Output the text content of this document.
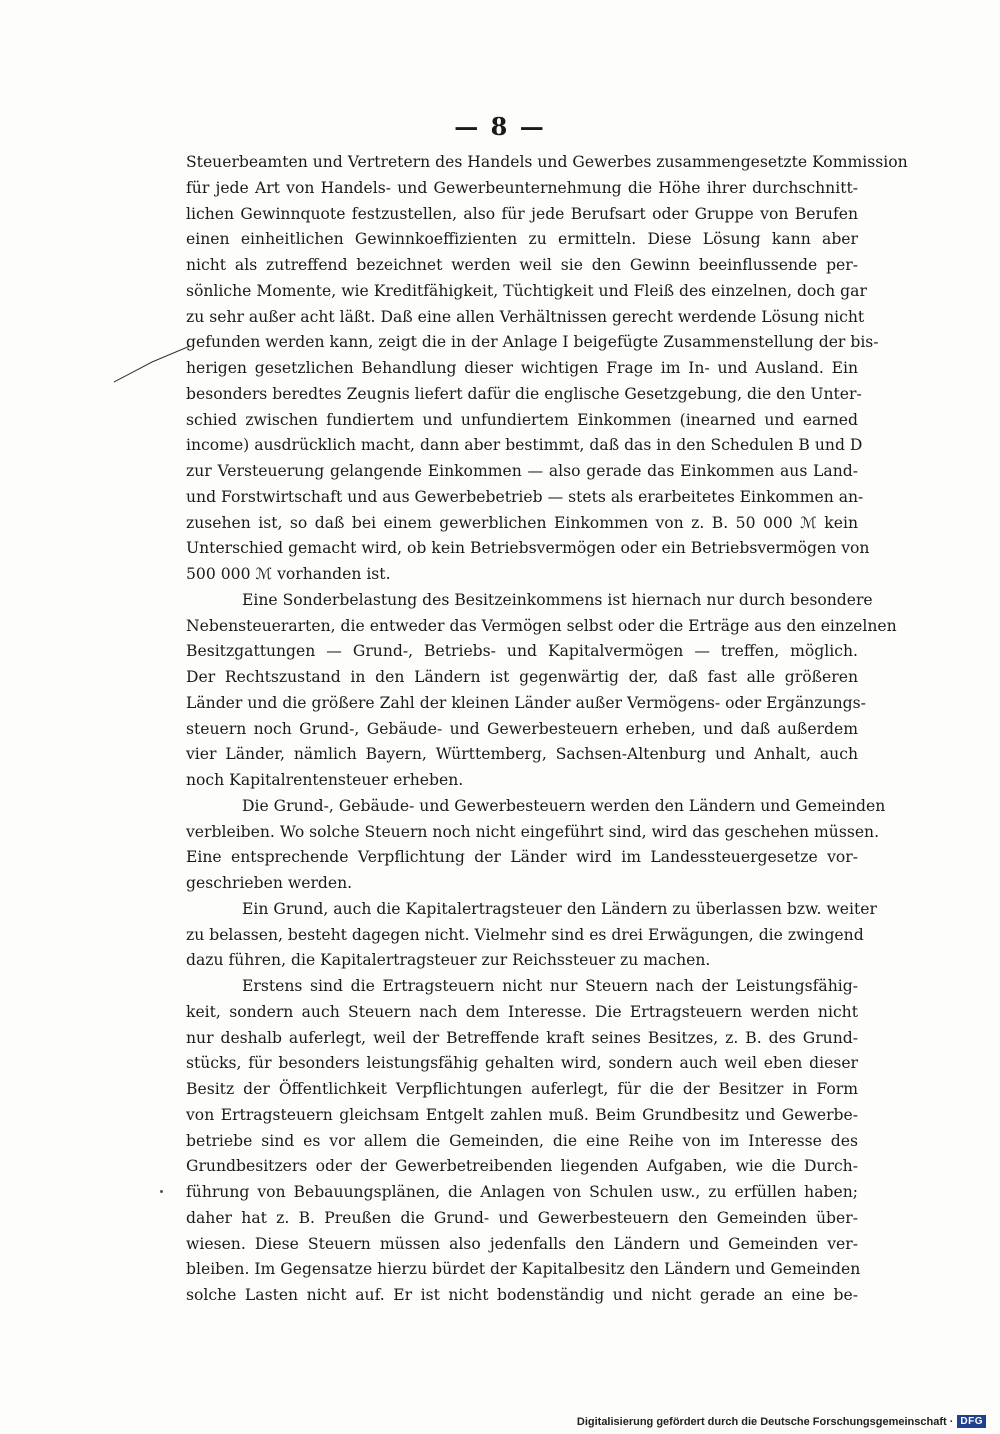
— 8 —

Steuerbeamten und Vertretern des Handels und Gewerbes zusammengesetzte Kommission
für jede Art von Handels- und Gewerbeunternehmung die Höhe ihrer durchschnitt-
lichen Gewinnquote festzustellen, also für jede Berufsart oder Gruppe von Berufen
einen einheitlichen Gewinnkoeffizienten zu ermitteln. Diese Lösung kann aber
nicht als zutreffend bezeichnet werden weil sie den Gewinn beeinflussende per-
sönliche Momente, wie Kreditfähigkeit, Tüchtigkeit und Fleiß des einzelnen, doch gar
zu sehr außer acht läßt. Daß eine allen Verhältnissen gerecht werdende Lösung nicht
gefunden werden kann, zeigt die in der Anlage I beigefügte Zusammenstellung der bis-
herigen gesetzlichen Behandlung dieser wichtigen Frage im In- und Ausland. Ein
besonders beredtes Zeugnis liefert dafür die englische Gesetzgebung, die den Unter-
schied zwischen fundiertem und unfundiertem Einkommen (inearned und earned
income) ausdrücklich macht, dann aber bestimmt, daß das in den Schedulen B und D
zur Versteuerung gelangende Einkommen — also gerade das Einkommen aus Land-
und Forstwirtschaft und aus Gewerbebetrieb — stets als erarbeitetes Einkommen an-
zusehen ist, so daß bei einem gewerblichen Einkommen von z. B. 50 000 ℳ kein
Unterschied gemacht wird, ob kein Betriebsvermögen oder ein Betriebsvermögen von
500 000 ℳ vorhanden ist.

Eine Sonderbelastung des Besitzeinkommens ist hiernach nur durch besondere
Nebensteuerarten, die entweder das Vermögen selbst oder die Erträge aus den einzelnen
Besitzgattungen — Grund-, Betriebs- und Kapitalvermögen — treffen, möglich.
Der Rechtszustand in den Ländern ist gegenwärtig der, daß fast alle größeren
Länder und die größere Zahl der kleinen Länder außer Vermögens- oder Ergänzungs-
steuern noch Grund-, Gebäude- und Gewerbesteuern erheben, und daß außerdem
vier Länder, nämlich Bayern, Württemberg, Sachsen-Altenburg und Anhalt, auch
noch Kapitalrentensteuer erheben.

Die Grund-, Gebäude- und Gewerbesteuern werden den Ländern und Gemeinden
verbleiben. Wo solche Steuern noch nicht eingeführt sind, wird das geschehen müssen.
Eine entsprechende Verpflichtung der Länder wird im Landessteuergesetze vor-
geschrieben werden.

Ein Grund, auch die Kapitalertragsteuer den Ländern zu überlassen bzw. weiter
zu belassen, besteht dagegen nicht. Vielmehr sind es drei Erwägungen, die zwingend
dazu führen, die Kapitalertragsteuer zur Reichssteuer zu machen.

Erstens sind die Ertragsteuern nicht nur Steuern nach der Leistungsfähig-
keit, sondern auch Steuern nach dem Interesse. Die Ertragsteuern werden nicht
nur deshalb auferlegt, weil der Betreffende kraft seines Besitzes, z. B. des Grund-
stücks, für besonders leistungsfähig gehalten wird, sondern auch weil eben dieser
Besitz der Öffentlichkeit Verpflichtungen auferlegt, für die der Besitzer in Form
von Ertragsteuern gleichsam Entgelt zahlen muß. Beim Grundbesitz und Gewerbe-
betriebe sind es vor allem die Gemeinden, die eine Reihe von im Interesse des
Grundbesitzers oder der Gewerbetreibenden liegenden Aufgaben, wie die Durch-
führung von Bebauungsplänen, die Anlagen von Schulen usw., zu erfüllen haben;
daher hat z. B. Preußen die Grund- und Gewerbesteuern den Gemeinden über-
wiesen. Diese Steuern müssen also jedenfalls den Ländern und Gemeinden ver-
bleiben. Im Gegensatze hierzu bürdet der Kapitalbesitz den Ländern und Gemeinden
solche Lasten nicht auf. Er ist nicht bodenständig und nicht gerade an eine be-

Digitalisierung gefördert durch die Deutsche Forschungsgemeinschaft · DFG
